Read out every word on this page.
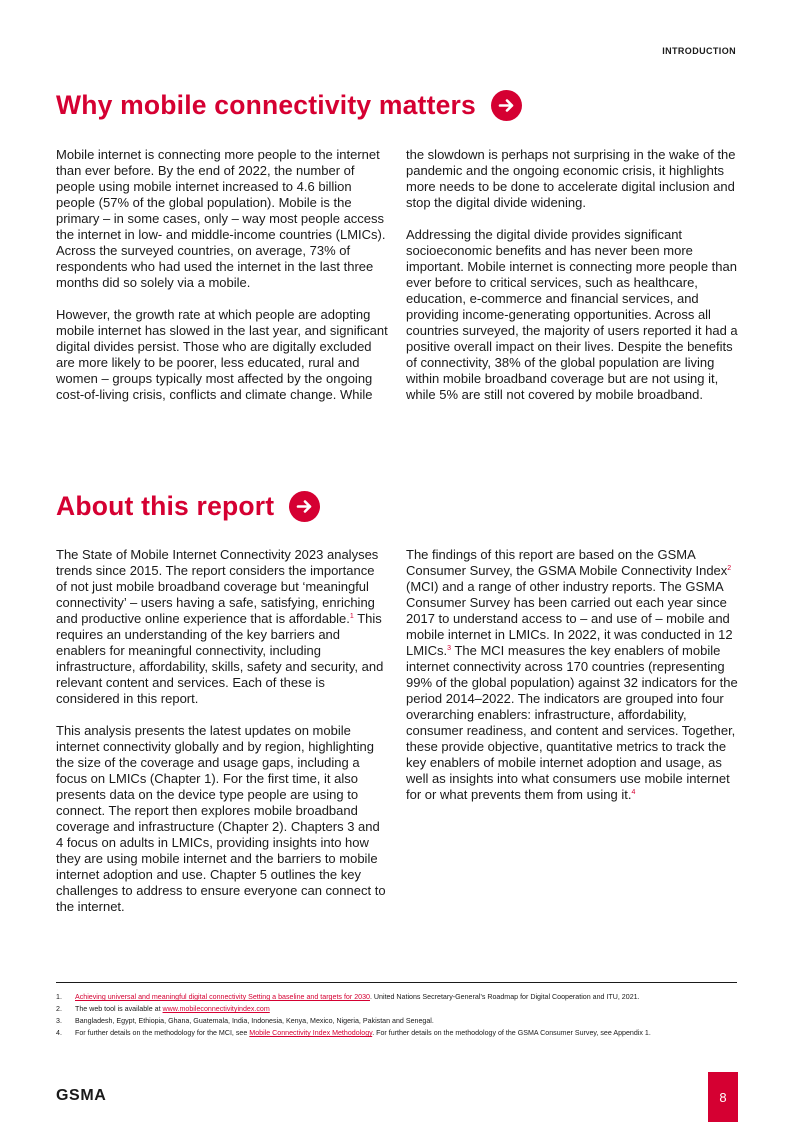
INTRODUCTION
Why mobile connectivity matters

Mobile internet is connecting more people to the internet than ever before. By the end of 2022, the number of people using mobile internet increased to 4.6 billion people (57% of the global population). Mobile is the primary – in some cases, only – way most people access the internet in low- and middle-income countries (LMICs). Across the surveyed countries, on average, 73% of respondents who had used the internet in the last three months did so solely via a mobile.

However, the growth rate at which people are adopting mobile internet has slowed in the last year, and significant digital divides persist. Those who are digitally excluded are more likely to be poorer, less educated, rural and women – groups typically most affected by the ongoing cost-of-living crisis, conflicts and climate change. While

the slowdown is perhaps not surprising in the wake of the pandemic and the ongoing economic crisis, it highlights more needs to be done to accelerate digital inclusion and stop the digital divide widening.

Addressing the digital divide provides significant socioeconomic benefits and has never been more important. Mobile internet is connecting more people than ever before to critical services, such as healthcare, education, e-commerce and financial services, and providing income-generating opportunities. Across all countries surveyed, the majority of users reported it had a positive overall impact on their lives. Despite the benefits of connectivity, 38% of the global population are living within mobile broadband coverage but are not using it, while 5% are still not covered by mobile broadband.

About this report

The State of Mobile Internet Connectivity 2023 analyses trends since 2015. The report considers the importance of not just mobile broadband coverage but ‘meaningful connectivity’ – users having a safe, satisfying, enriching and productive online experience that is affordable.$^1$ This requires an understanding of the key barriers and enablers for meaningful connectivity, including infrastructure, affordability, skills, safety and security, and relevant content and services. Each of these is considered in this report.

This analysis presents the latest updates on mobile internet connectivity globally and by region, highlighting the size of the coverage and usage gaps, including a focus on LMICs (Chapter 1). For the first time, it also presents data on the device type people are using to connect. The report then explores mobile broadband coverage and infrastructure (Chapter 2). Chapters 3 and 4 focus on adults in LMICs, providing insights into how they are using mobile internet and the barriers to mobile internet adoption and use. Chapter 5 outlines the key challenges to address to ensure everyone can connect to the internet.

The findings of this report are based on the GSMA Consumer Survey, the GSMA Mobile Connectivity Index$^2$ (MCI) and a range of other industry reports. The GSMA Consumer Survey has been carried out each year since 2017 to understand access to – and use of – mobile and mobile internet in LMICs. In 2022, it was conducted in 12 LMICs.$^3$ The MCI measures the key enablers of mobile internet connectivity across 170 countries (representing 99% of the global population) against 32 indicators for the period 2014–2022. The indicators are grouped into four overarching enablers: infrastructure, affordability, consumer readiness, and content and services. Together, these provide objective, quantitative metrics to track the key enablers of mobile internet adoption and usage, as well as insights into what consumers use mobile internet for or what prevents them from using it.$^4$

1.	Achieving universal and meaningful digital connectivity Setting a baseline and targets for 2030. United Nations Secretary-General’s Roadmap for Digital Cooperation and ITU, 2021.
2.	The web tool is available at www.mobileconnectivityindex.com
3.	Bangladesh, Egypt, Ethiopia, Ghana, Guatemala, India, Indonesia, Kenya, Mexico, Nigeria, Pakistan and Senegal.
4.	For further details on the methodology for the MCI, see Mobile Connectivity Index Methodology. For further details on the methodology of the GSMA Consumer Survey, see Appendix 1.
GSMA	8
